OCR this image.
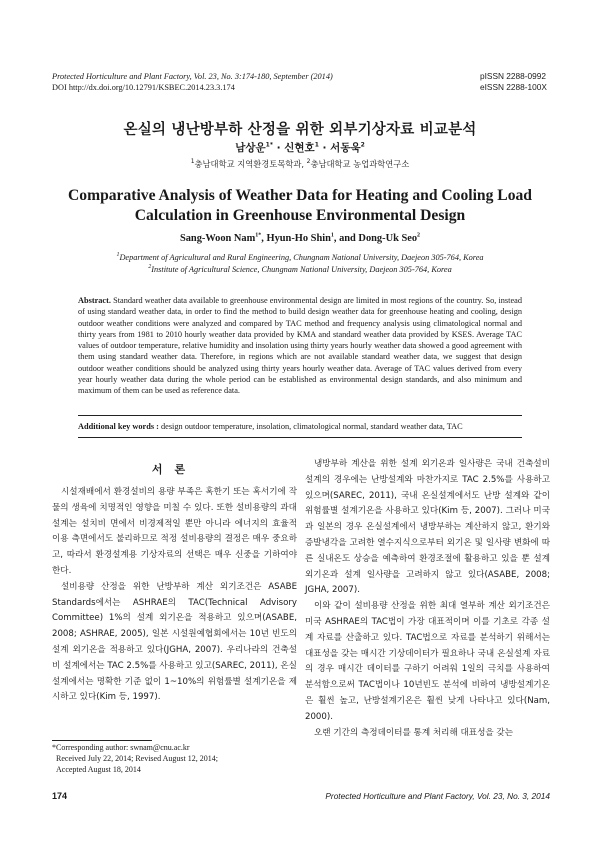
Protected Horticulture and Plant Factory, Vol. 23, No. 3:174-180, September (2014)
DOI http://dx.doi.org/10.12791/KSBEC.2014.23.3.174
pISSN 2288-0992
eISSN 2288-100X
온실의 냉난방부하 산정을 위한 외부기상자료 비교분석
남상운$^{1*}$ · 신현호$^1$ · 서동욱$^2$
$^1$충남대학교 지역환경토목학과, $^2$충남대학교 농업과학연구소
Comparative Analysis of Weather Data for Heating and Cooling Load
Calculation in Greenhouse Environmental Design
Sang-Woon Nam$^{1*}$, Hyun-Ho Shin$^1$, and Dong-Uk Seo$^2$
$^1$Department of Agricultural and Rural Engineering, Chungnam National University, Daejeon 305-764, Korea
$^2$Institute of Agricultural Science, Chungnam National University, Daejeon 305-764, Korea
Abstract. Standard weather data available to greenhouse environmental design are limited in most regions of the country. So, instead of using standard weather data, in order to find the method to build design weather data for greenhouse heating and cooling, design outdoor weather conditions were analyzed and compared by TAC method and frequency analysis using climatological normal and thirty years from 1981 to 2010 hourly weather data provided by KMA and standard weather data provided by KSES. Average TAC values of outdoor temperature, relative humidity and insolation using thirty years hourly weather data showed a good agreement with them using standard weather data. Therefore, in regions which are not available standard weather data, we suggest that design outdoor weather conditions should be analyzed using thirty years hourly weather data. Average of TAC values derived from every year hourly weather data during the whole period can be established as environmental design standards, and also minimum and maximum of them can be used as reference data.
Additional key words : design outdoor temperature, insolation, climatological normal, standard weather data, TAC
서론

시설재배에서 환경설비의 용량 부족은 혹한기 또는 혹서기에 작물의 생육에 치명적인 영향을 미칠 수 있다. 또한 설비용량의 과대설계는 설치비 면에서 비경제적일 뿐만 아니라 에너지의 효율적 이용 측면에서도 불리하므로 적정 설비용량의 결정은 매우 중요하고, 따라서 환경설계용 기상자료의 선택은 매우 신중을 기하여야 한다.

설비용량 산정을 위한 난방부하 계산 외기조건은 ASABE Standards에서는 ASHRAE의 TAC(Technical Advisory Committee) 1%의 설계 외기온을 적용하고 있으며(ASABE, 2008; ASHRAE, 2005), 일본 시설원예협회에서는 10년 빈도의 설계 외기온을 적용하고 있다(JGHA, 2007). 우리나라의 건축설비 설계에서는 TAC 2.5%를 사용하고 있고(SAREC, 2011), 온실설계에서는 명확한 기준 없이 1~10%의 위험률별 설계기온을 제시하고 있다(Kim 등, 1997).

냉방부하 계산을 위한 설계 외기온과 일사량은 국내 건축설비 설계의 경우에는 난방설계와 마찬가지로 TAC 2.5%를 사용하고 있으며(SAREC, 2011), 국내 온실설계에서도 난방 설계와 같이 위험률별 설계기온을 사용하고 있다(Kim 등, 2007). 그러나 미국과 일본의 경우 온실설계에서 냉방부하는 계산하지 않고, 환기와 증발냉각을 고려한 열수지식으로부터 외기온 및 일사량 변화에 따른 실내온도 상승을 예측하여 환경조절에 활용하고 있을 뿐 설계 외기온과 설계 일사량을 고려하지 않고 있다(ASABE, 2008; JGHA, 2007).

이와 같이 설비용량 산정을 위한 최대 열부하 계산 외기조건은 미국 ASHRAE의 TAC법이 가장 대표적이며 이를 기초로 각종 설계 자료를 산출하고 있다. TAC법으로 자료를 분석하기 위해서는 대표성을 갖는 매시간 기상데이터가 필요하나 국내 온실설계 자료의 경우 매시간 데이터를 구하기 어려워 1일의 극치를 사용하여 분석함으로써 TAC법이나 10년빈도 분석에 비하여 냉방설계기온은 훨씬 높고, 난방설계기온은 훨씬 낮게 나타나고 있다(Nam, 2000).

오랜 기간의 측정데이터를 통계 처리해 대표성을 갖는

*Corresponding author: swnam@cnu.ac.kr
Received July 22, 2014; Revised August 12, 2014;
Accepted August 18, 2014
174	Protected Horticulture and Plant Factory, Vol. 23, No. 3, 2014
